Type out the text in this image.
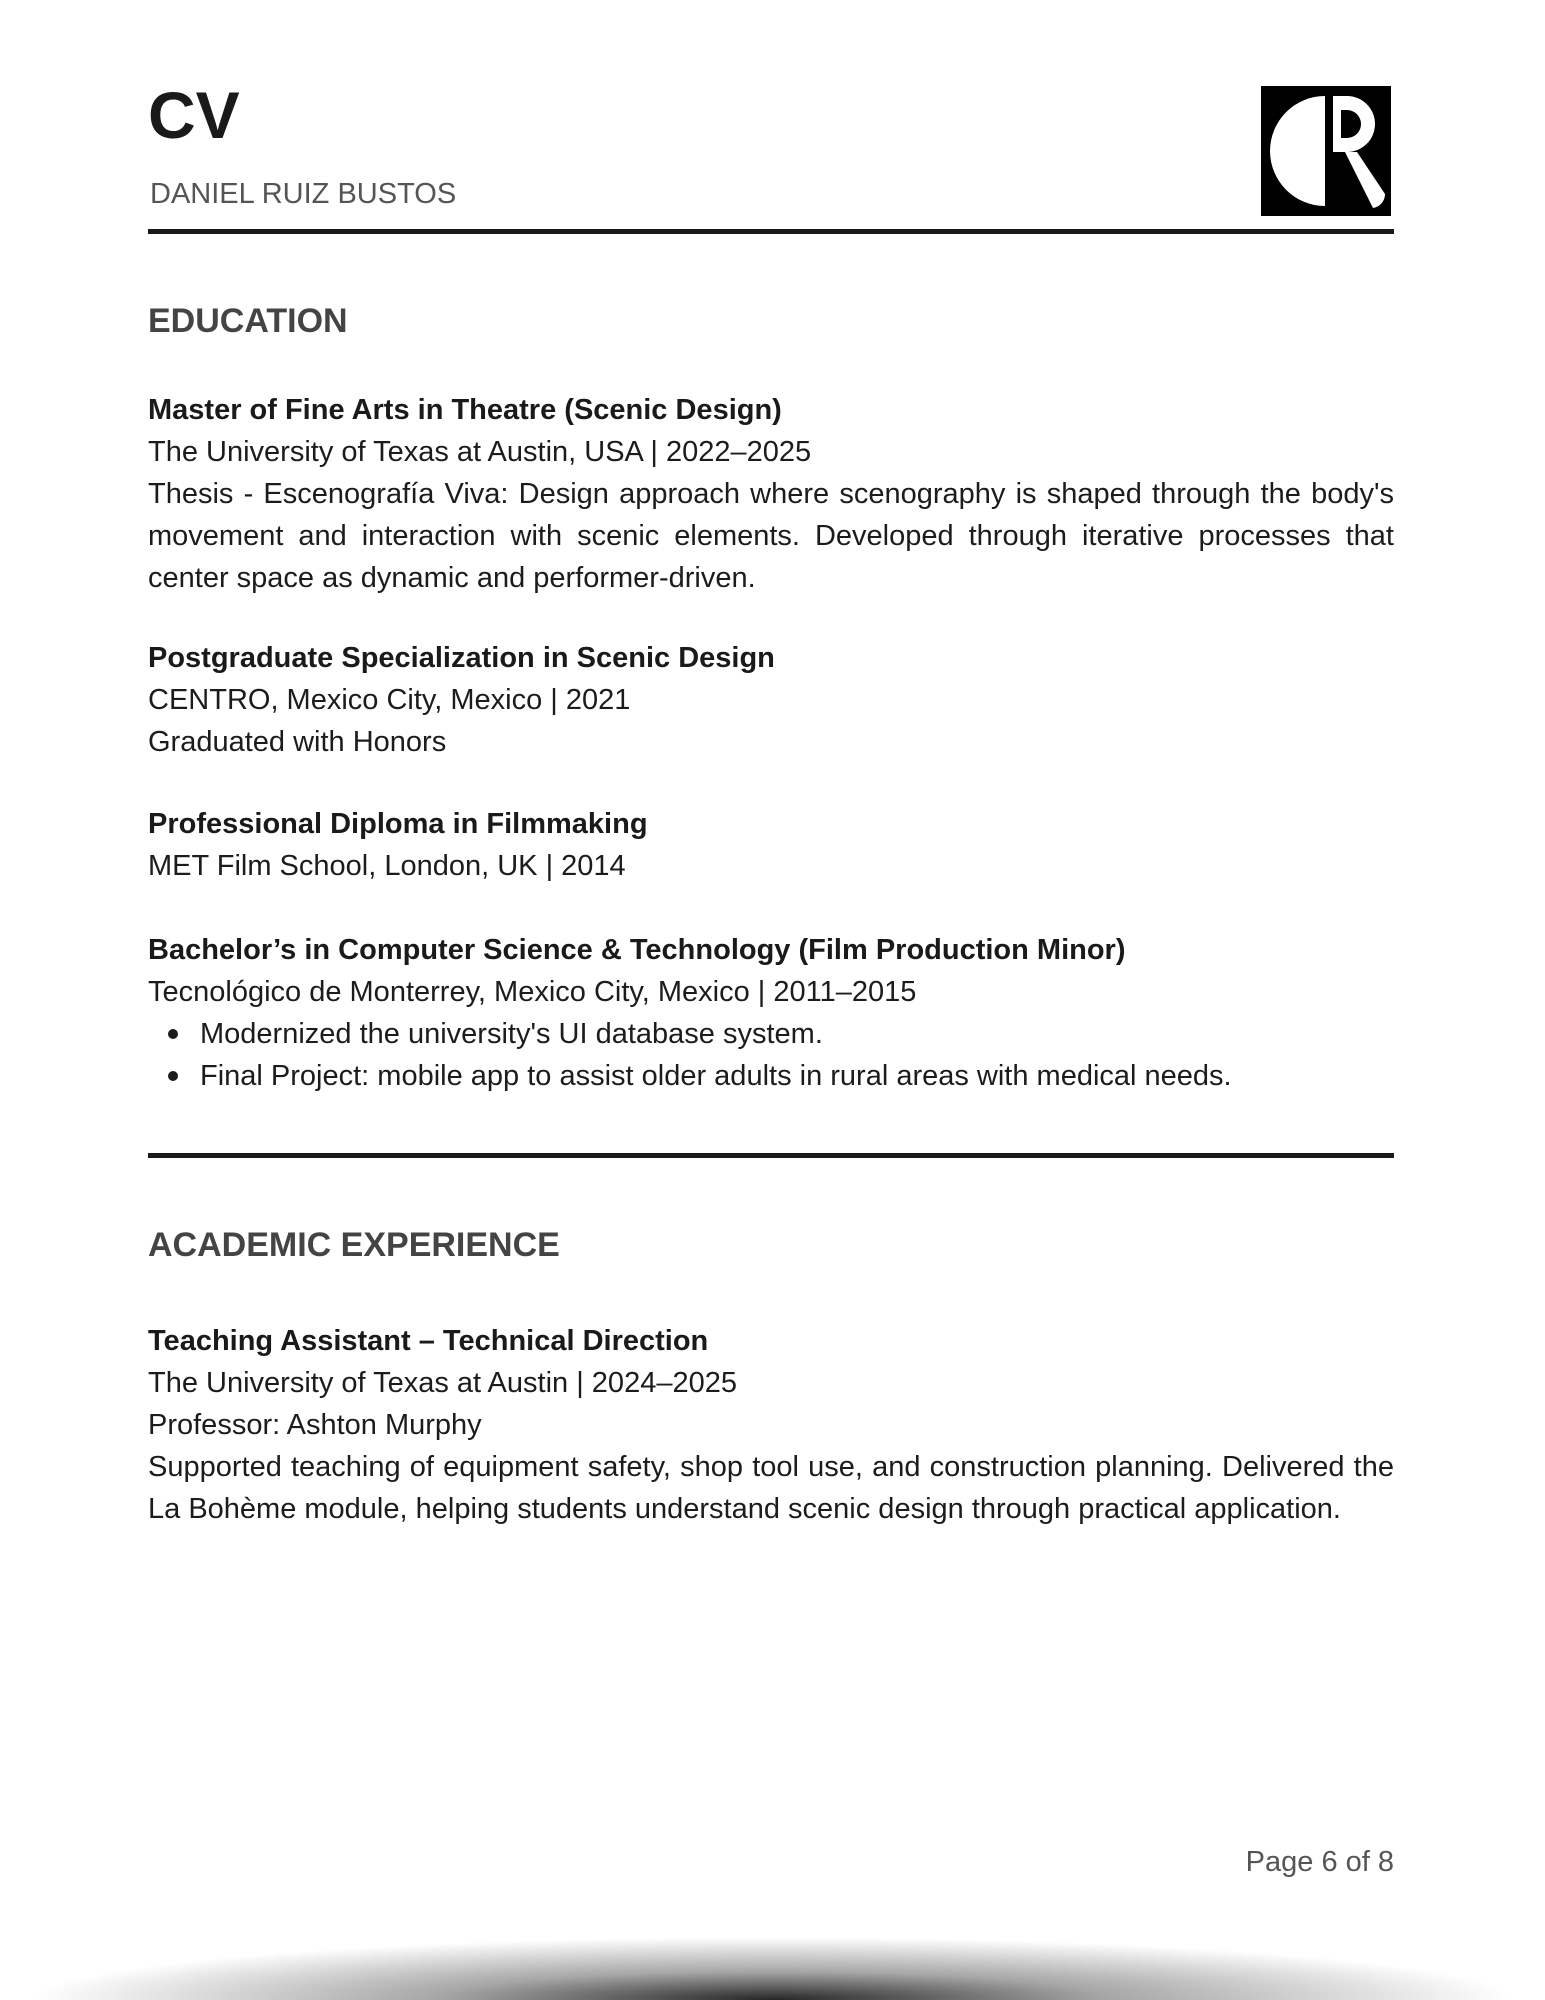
CV
DANIEL RUIZ BUSTOS
EDUCATION
Master of Fine Arts in Theatre (Scenic Design)
The University of Texas at Austin, USA | 2022–2025
Thesis - Escenografía Viva: Design approach where scenography is shaped through the body's movement and interaction with scenic elements. Developed through iterative processes that center space as dynamic and performer-driven.
Postgraduate Specialization in Scenic Design
CENTRO, Mexico City, Mexico | 2021
Graduated with Honors
Professional Diploma in Filmmaking
MET Film School, London, UK | 2014
Bachelor’s in Computer Science & Technology (Film Production Minor)
Tecnológico de Monterrey, Mexico City, Mexico | 2011–2015
Modernized the university's UI database system.
Final Project: mobile app to assist older adults in rural areas with medical needs.
ACADEMIC EXPERIENCE
Teaching Assistant – Technical Direction
The University of Texas at Austin | 2024–2025
Professor: Ashton Murphy
Supported teaching of equipment safety, shop tool use, and construction planning. Delivered the La Bohème module, helping students understand scenic design through practical application.
Page 6 of 8
